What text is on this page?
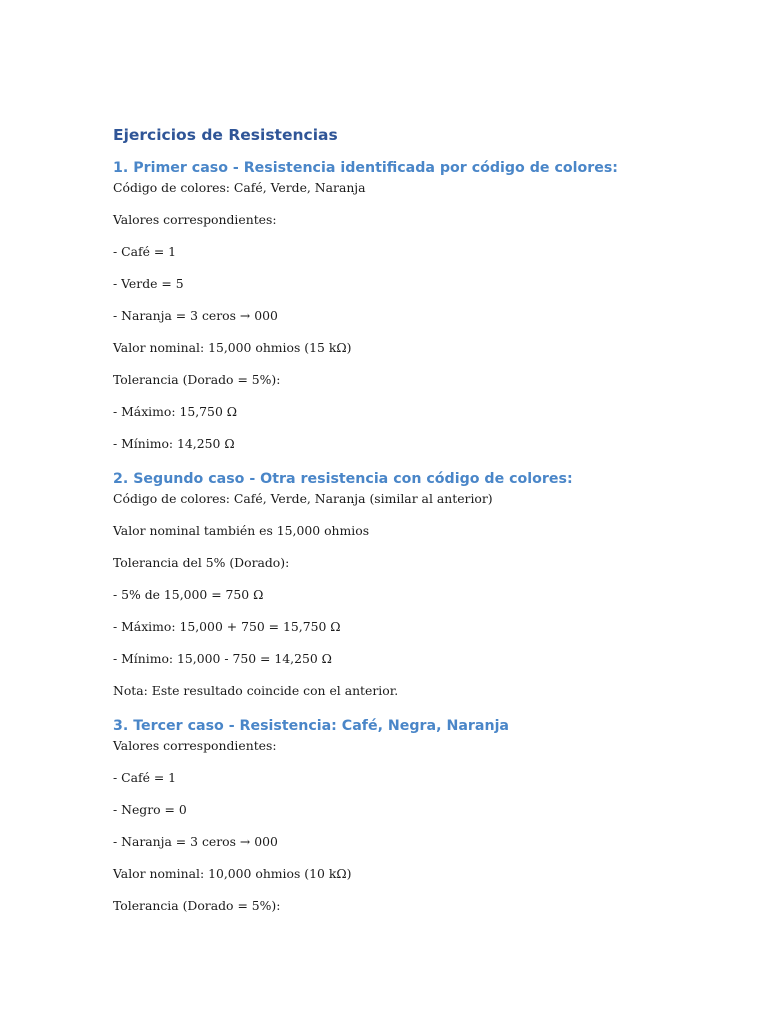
Ejercicios de Resistencias
1. Primer caso - Resistencia identificada por código de colores:
Código de colores: Café, Verde, Naranja
Valores correspondientes:
- Café = 1
- Verde = 5
- Naranja = 3 ceros → 000
Valor nominal: 15,000 ohmios (15 kΩ)
Tolerancia (Dorado = 5%):
- Máximo: 15,750 Ω
- Mínimo: 14,250 Ω
2. Segundo caso - Otra resistencia con código de colores:
Código de colores: Café, Verde, Naranja (similar al anterior)
Valor nominal también es 15,000 ohmios
Tolerancia del 5% (Dorado):
- 5% de 15,000 = 750 Ω
- Máximo: 15,000 + 750 = 15,750 Ω
- Mínimo: 15,000 - 750 = 14,250 Ω
Nota: Este resultado coincide con el anterior.
3. Tercer caso - Resistencia: Café, Negra, Naranja
Valores correspondientes:
- Café = 1
- Negro = 0
- Naranja = 3 ceros → 000
Valor nominal: 10,000 ohmios (10 kΩ)
Tolerancia (Dorado = 5%):
